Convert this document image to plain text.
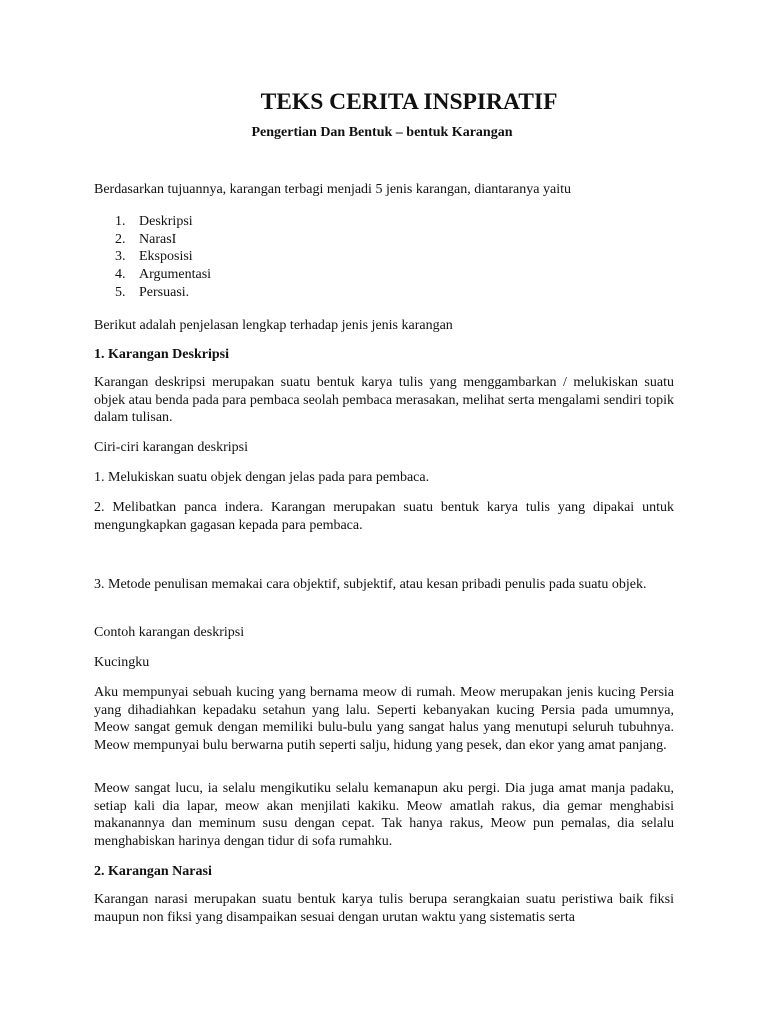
TEKS CERITA INSPIRATIF
Pengertian Dan Bentuk – bentuk Karangan
Berdasarkan tujuannya, karangan terbagi menjadi 5 jenis karangan, diantaranya yaitu
1. Deskripsi
2. NarasI
3. Eksposisi
4. Argumentasi
5. Persuasi.
Berikut adalah penjelasan lengkap terhadap jenis jenis karangan
1. Karangan Deskripsi
Karangan deskripsi merupakan suatu bentuk karya tulis yang menggambarkan / melukiskan suatu objek atau benda pada para pembaca seolah pembaca merasakan, melihat serta mengalami sendiri topik dalam tulisan.
Ciri-ciri karangan deskripsi
1. Melukiskan suatu objek dengan jelas pada para pembaca.
2. Melibatkan panca indera. Karangan merupakan suatu bentuk karya tulis yang dipakai untuk mengungkapkan gagasan kepada para pembaca.
3. Metode penulisan memakai cara objektif, subjektif, atau kesan pribadi penulis pada suatu objek.
Contoh karangan deskripsi
Kucingku
Aku mempunyai sebuah kucing yang bernama meow di rumah. Meow merupakan jenis kucing Persia yang dihadiahkan kepadaku setahun yang lalu. Seperti kebanyakan kucing Persia pada umumnya, Meow sangat gemuk dengan memiliki bulu-bulu yang sangat halus yang menutupi seluruh tubuhnya. Meow mempunyai bulu berwarna putih seperti salju, hidung yang pesek, dan ekor yang amat panjang.
Meow sangat lucu, ia selalu mengikutiku selalu kemanapun aku pergi. Dia juga amat manja padaku, setiap kali dia lapar, meow akan menjilati kakiku. Meow amatlah rakus, dia gemar menghabisi makanannya dan meminum susu dengan cepat. Tak hanya rakus, Meow pun pemalas, dia selalu menghabiskan harinya dengan tidur di sofa rumahku.
2. Karangan Narasi
Karangan narasi merupakan suatu bentuk karya tulis berupa serangkaian suatu peristiwa baik fiksi maupun non fiksi yang disampaikan sesuai dengan urutan waktu yang sistematis serta
